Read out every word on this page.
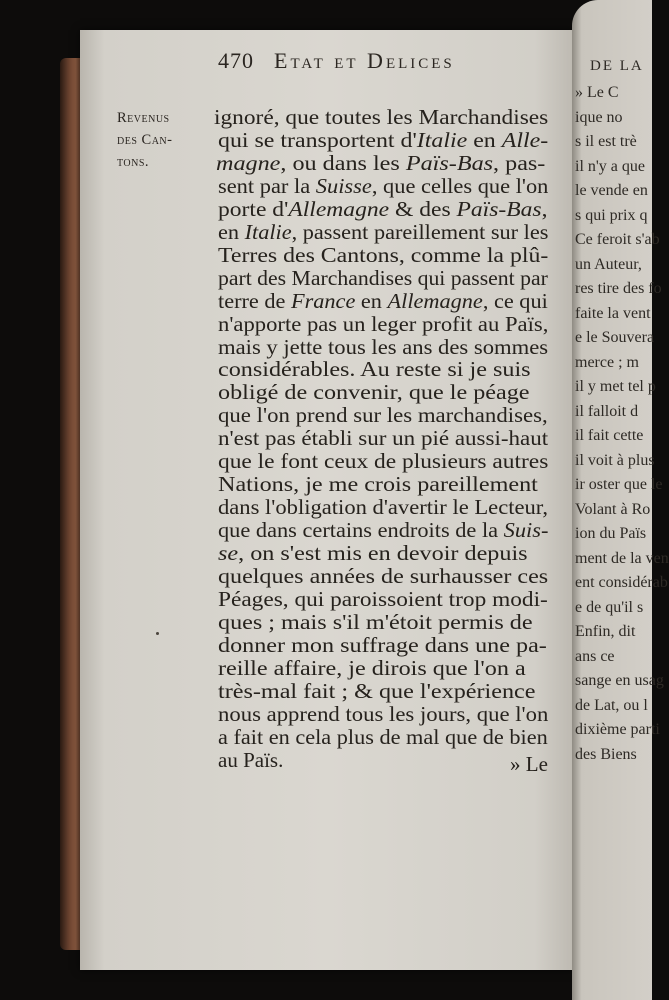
DE LA
» Le C
ique no
s il est trè
il n'y a que
le vende en
s qui prix q
Ce feroit s'ab
un Auteur,
res tire des fo
faite la vent
e le Souvera
merce ; m
il y met tel p
il falloit d
il fait cette
il voit à plus
ir oster que le
Volant à Ro
ion du Païs
ment de la ven
ent considérab
e de qu'il s
Enfin, dit
ans ce
sange en usag
de Lat, ou l
dixième parti
des Biens
470 Etat et Delices
Revenus
des Can-
tons.
ignoré, que toutes les Marchandises
qui se transportent d'Italie en Alle-
magne, ou dans les Païs-Bas, pas-
sent par la Suisse, que celles que l'on
porte d'Allemagne & des Païs-Bas,
en Italie, passent pareillement sur les
Terres des Cantons, comme la plû-
part des Marchandises qui passent par
terre de France en Allemagne, ce qui
n'apporte pas un leger profit au Païs,
mais y jette tous les ans des sommes
considérables. Au reste si je suis
obligé de convenir, que le péage
que l'on prend sur les marchandises,
n'est pas établi sur un pié aussi-haut
que le font ceux de plusieurs autres
Nations, je me crois pareillement
dans l'obligation d'avertir le Lecteur,
que dans certains endroits de la Suis-
se, on s'est mis en devoir depuis
quelques années de surhausser ces
Péages, qui paroissoient trop modi-
ques ; mais s'il m'étoit permis de
donner mon suffrage dans une pa-
reille affaire, je dirois que l'on a
très-mal fait ; & que l'expérience
nous apprend tous les jours, que l'on
a fait en cela plus de mal que de bien
au Païs.	» Le
